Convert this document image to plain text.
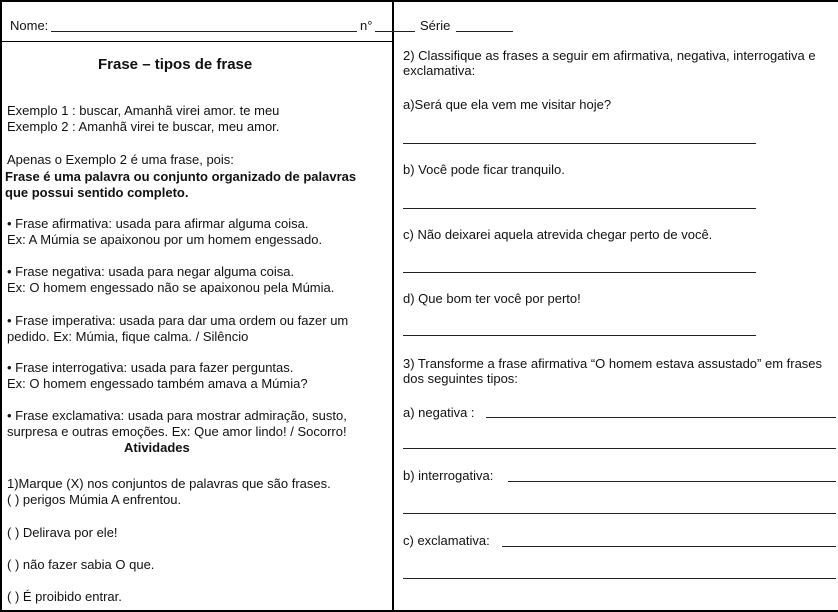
Nome:	n°	Série
Frase – tipos de frase
Exemplo 1 : buscar, Amanhã virei amor. te meu
Exemplo 2 : Amanhã virei te buscar, meu amor.
Apenas o Exemplo 2 é uma frase, pois:
Frase é uma palavra ou conjunto organizado de palavras
que possui sentido completo.
• Frase afirmativa: usada para afirmar alguma coisa.
Ex: A Múmia se apaixonou por um homem engessado.
• Frase negativa: usada para negar alguma coisa.
Ex: O homem engessado não se apaixonou pela Múmia.
• Frase imperativa: usada para dar uma ordem ou fazer um
pedido. Ex: Múmia, fique calma. / Silêncio
• Frase interrogativa: usada para fazer perguntas.
Ex: O homem engessado também amava a Múmia?
• Frase exclamativa: usada para mostrar admiração, susto,
surpresa e outras emoções. Ex: Que amor lindo! / Socorro!
Atividades
1)Marque (X) nos conjuntos de palavras que são frases.
( ) perigos Múmia A enfrentou.
( ) Delirava por ele!
( ) não fazer sabia O que.
( ) É proibido entrar.
2) Classifique as frases a seguir em afirmativa, negativa, interrogativa e exclamativa:
a)Será que ela vem me visitar hoje?
b) Você pode ficar tranquilo.
c) Não deixarei aquela atrevida chegar perto de você.
d) Que bom ter você por perto!
3) Transforme a frase afirmativa “O homem estava assustado” em frases dos seguintes tipos:
a) negativa :
b) interrogativa:
c) exclamativa:
